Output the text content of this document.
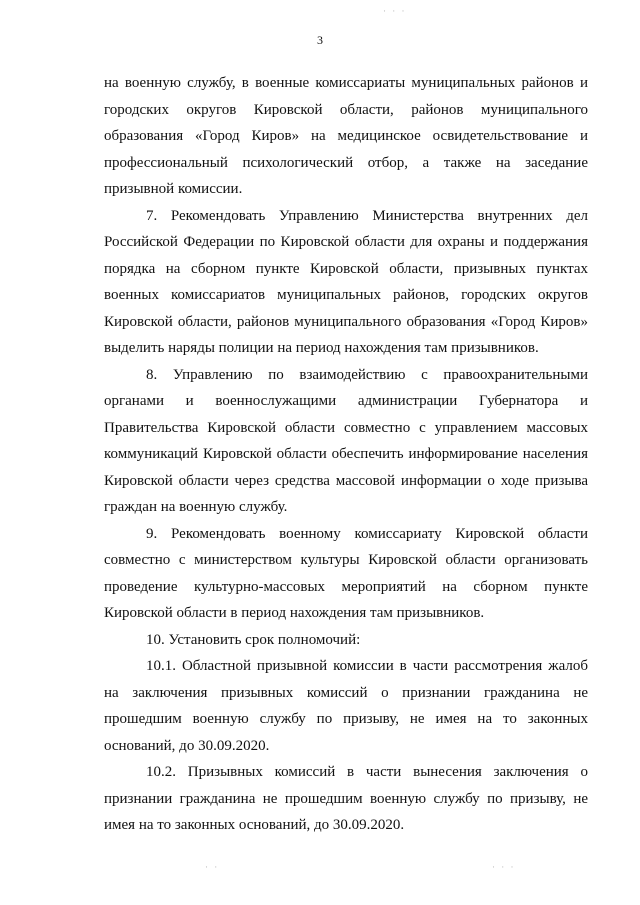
· · ·
3

на военную службу, в военные комиссариаты муниципальных районов и городских округов Кировской области, районов муниципального образования «Город Киров» на медицинское освидетельствование и профессиональный психологический отбор, а также на заседание призывной комиссии.

7. Рекомендовать Управлению Министерства внутренних дел Российской Федерации по Кировской области для охраны и поддержания порядка на сборном пункте Кировской области, призывных пунктах военных комиссариатов муниципальных районов, городских округов Кировской области, районов муниципального образования «Город Киров» выделить наряды полиции на период нахождения там призывников.

8. Управлению по взаимодействию с правоохранительными органами и военнослужащими администрации Губернатора и Правительства Кировской области совместно с управлением массовых коммуникаций Кировской области обеспечить информирование населения Кировской области через средства массовой информации о ходе призыва граждан на военную службу.

9. Рекомендовать военному комиссариату Кировской области совместно с министерством культуры Кировской области организовать проведение культурно-массовых мероприятий на сборном пункте Кировской области в период нахождения там призывников.

10. Установить срок полномочий:

10.1. Областной призывной комиссии в части рассмотрения жалоб на заключения призывных комиссий о признании гражданина не прошедшим военную службу по призыву, не имея на то законных оснований, до 30.09.2020.

10.2. Призывных комиссий в части вынесения заключения о признании гражданина не прошедшим военную службу по призыву, не имея на то законных оснований, до 30.09.2020.

· ·	· · ·
